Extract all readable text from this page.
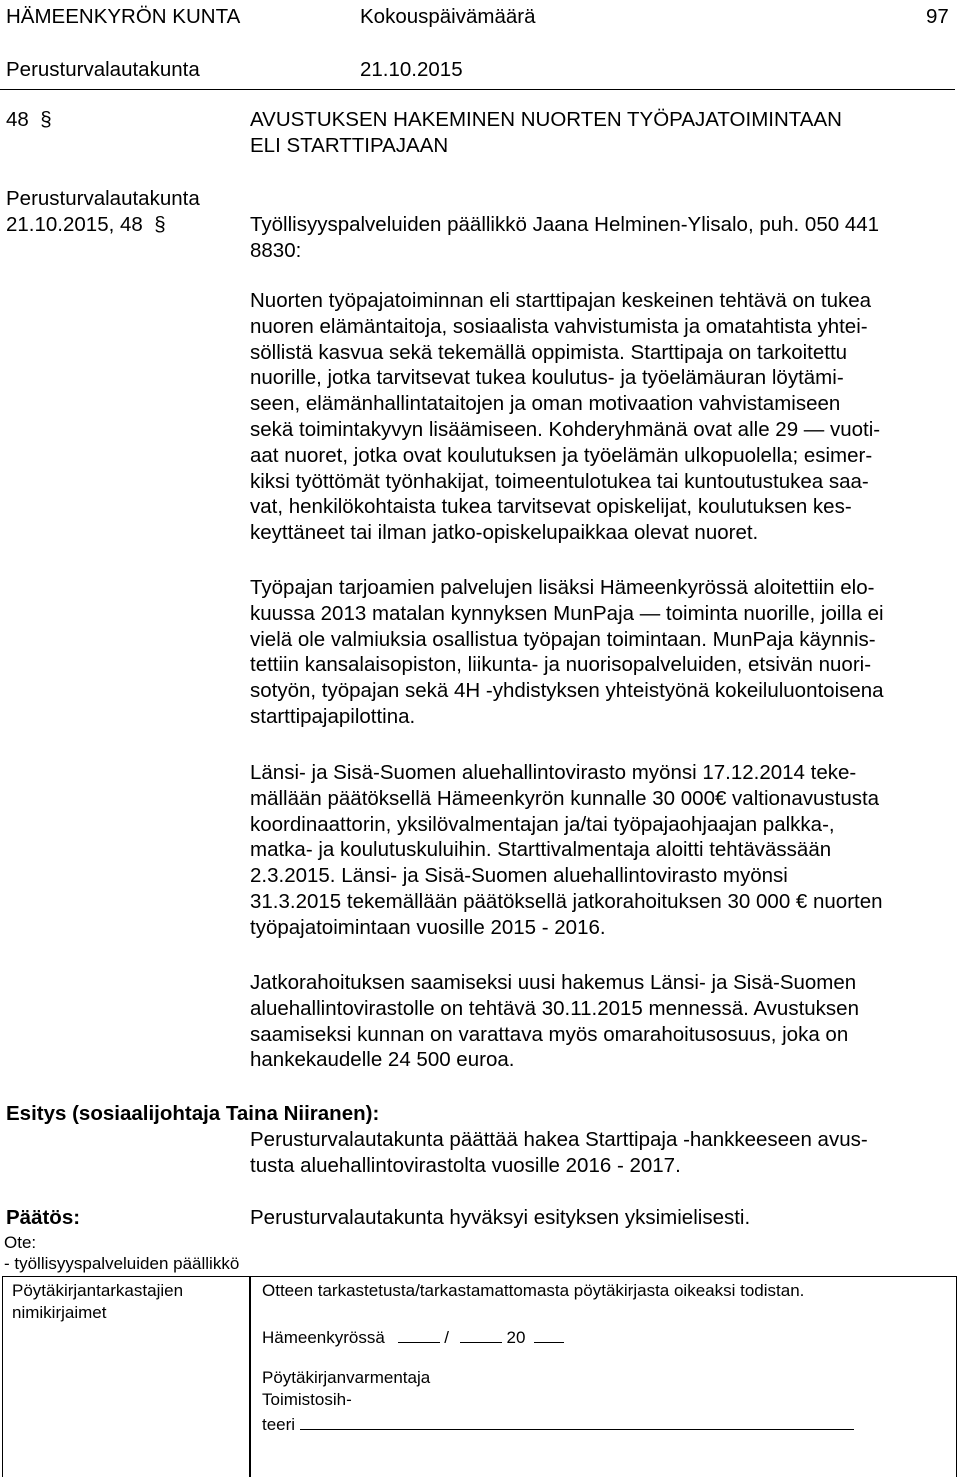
HÄMEENKYRÖN KUNTA	Kokouspäivämäärä	97
Perusturvalautakunta	21.10.2015
48  §	AVUSTUKSEN HAKEMINEN NUORTEN TYÖPAJATOIMINTAAN
ELI STARTTIPAJAAN
Perusturvalautakunta
21.10.2015, 48  §	Työllisyyspalveluiden päällikkö Jaana Helminen-Ylisalo, puh. 050 441
8830:
Nuorten työpajatoiminnan eli starttipajan keskeinen tehtävä on tukea
nuoren elämäntaitoja, sosiaalista vahvistumista ja omatahtista yhtei-
söllistä kasvua sekä tekemällä oppimista. Starttipaja on tarkoitettu
nuorille, jotka tarvitsevat tukea koulutus- ja työelämäuran löytämi-
seen, elämänhallintataitojen ja oman motivaation vahvistamiseen
sekä toimintakyvyn lisäämiseen. Kohderyhmänä ovat alle 29 — vuoti-
aat nuoret, jotka ovat koulutuksen ja työelämän ulkopuolella; esimer-
kiksi työttömät työnhakijat, toimeentulotukea tai kuntoutustukea saa-
vat, henkilökohtaista tukea tarvitsevat opiskelijat, koulutuksen kes-
keyttäneet tai ilman jatko-opiskelupaikkaa olevat nuoret.
Työpajan tarjoamien palvelujen lisäksi Hämeenkyrössä aloitettiin elo-
kuussa 2013 matalan kynnyksen MunPaja — toiminta nuorille, joilla ei
vielä ole valmiuksia osallistua työpajan toimintaan. MunPaja käynnis-
tettiin kansalaisopiston, liikunta- ja nuorisopalveluiden, etsivän nuori-
sotyön, työpajan sekä 4H -yhdistyksen yhteistyönä kokeiluluontoisena
starttipajapilottina.
Länsi- ja Sisä-Suomen aluehallintovirasto myönsi 17.12.2014 teke-
mällään päätöksellä Hämeenkyrön kunnalle 30 000€ valtionavustusta
koordinaattorin, yksilövalmentajan ja/tai työpajaohjaajan palkka-,
matka- ja koulutuskuluihin. Starttivalmentaja aloitti tehtävässään
2.3.2015. Länsi- ja Sisä-Suomen aluehallintovirasto myönsi
31.3.2015 tekemällään päätöksellä jatkorahoituksen 30 000 € nuorten
työpajatoimintaan vuosille 2015 - 2016.
Jatkorahoituksen saamiseksi uusi hakemus Länsi- ja Sisä-Suomen
aluehallintovirastolle on tehtävä 30.11.2015 mennessä. Avustuksen
saamiseksi kunnan on varattava myös omarahoitusosuus, joka on
hankekaudelle 24 500 euroa.
Esitys (sosiaalijohtaja Taina Niiranen):
Perusturvalautakunta päättää hakea Starttipaja -hankkeeseen avus-
tusta aluehallintovirastolta vuosille 2016 - 2017.
Päätös:	Perusturvalautakunta hyväksyi esityksen yksimielisesti.
Ote:
- työllisyyspalveluiden päällikkö
Pöytäkirjantarkastajien
nimikirjaimet
Otteen tarkastetusta/tarkastamattomasta pöytäkirjasta oikeaksi todistan.
Hämeenkyrössä	/	20
Pöytäkirjanvarmentaja
Toimistosih-
teeri
